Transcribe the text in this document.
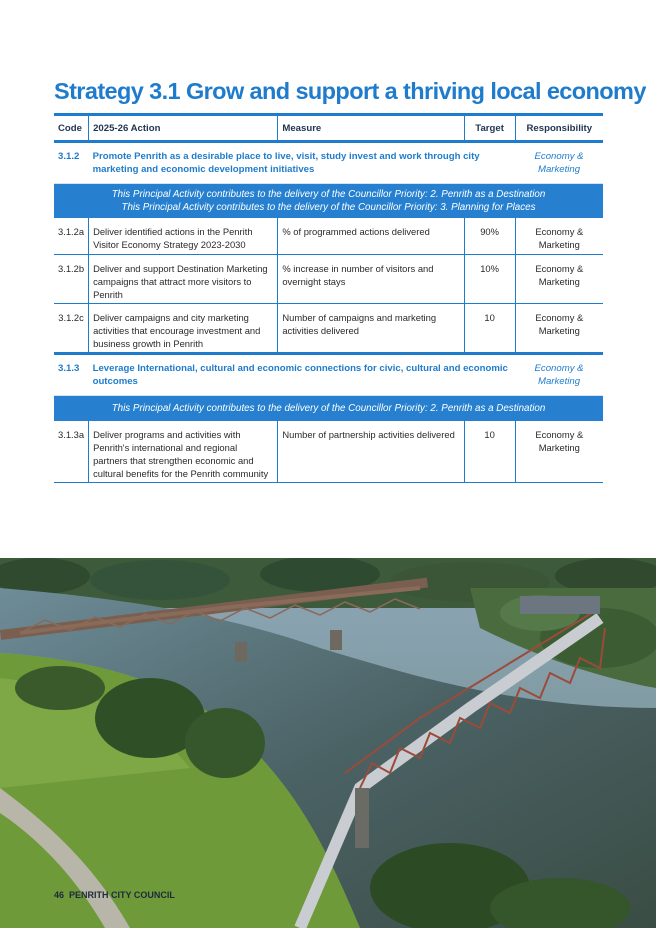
Strategy 3.1 Grow and support a thriving local economy
Code	2025-26 Action	Measure	Target	Responsibility
3.1.2	Promote Penrith as a desirable place to live, visit, study invest and work through city marketing and economic development initiatives			Economy & Marketing

This Principal Activity contributes to the delivery of the Councillor Priority: 2. Penrith as a Destination
This Principal Activity contributes to the delivery of the Councillor Priority: 3. Planning for Places				

3.1.2a	Deliver identified actions in the Penrith Visitor Economy Strategy 2023-2030	% of programmed actions delivered	90%	Economy & Marketing
3.1.2b	Deliver and support Destination Marketing campaigns that attract more visitors to Penrith	% increase in number of visitors and overnight stays	10%	Economy & Marketing
3.1.2c	Deliver campaigns and city marketing activities that encourage investment and business growth in Penrith	Number of campaigns and marketing activities delivered	10	Economy & Marketing
3.1.3	Leverage International, cultural and economic connections for civic, cultural and economic outcomes			Economy & Marketing

This Principal Activity contributes to the delivery of the Councillor Priority: 2. Penrith as a Destination				

3.1.3a	Deliver programs and activities with Penrith's international and regional partners that strengthen economic and cultural benefits for the Penrith community	Number of partnership activities delivered	10	Economy & Marketing
46 PENRITH CITY COUNCIL
